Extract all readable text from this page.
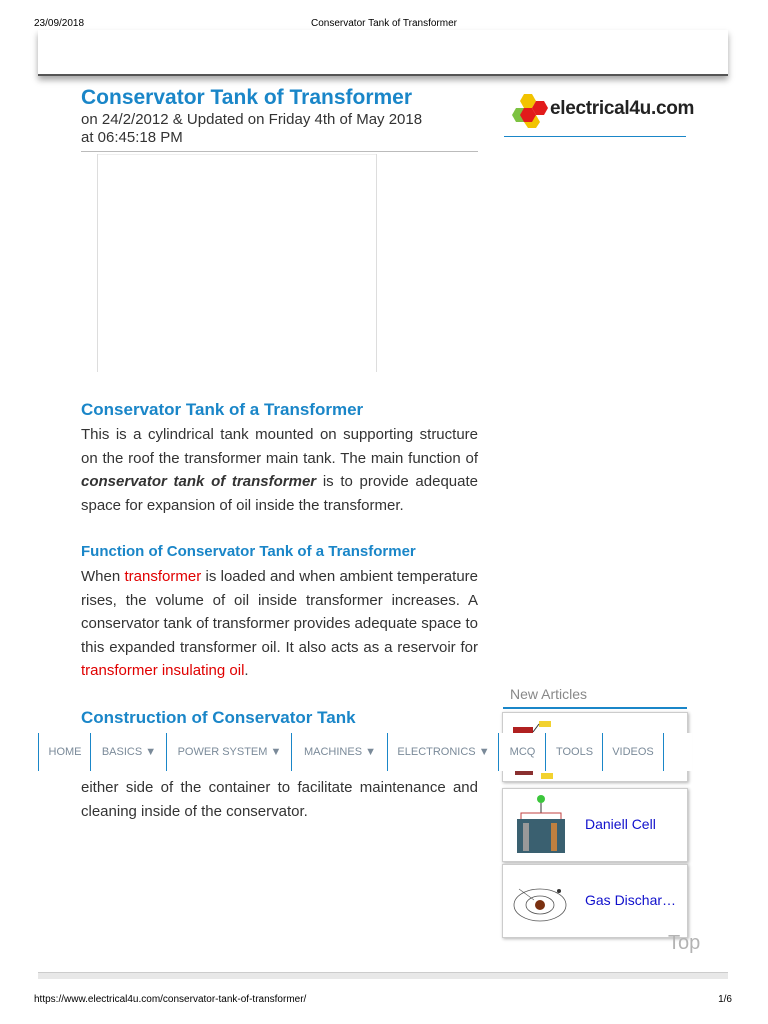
23/09/2018	Conservator Tank of Transformer
Conservator Tank of Transformer
on 24/2/2012 & Updated on Friday 4th of May 2018
at 06:45:18 PM
electrical4u.com
Conservator Tank of a Transformer

This is a cylindrical tank mounted on supporting structure on the roof the transformer main tank. The main function of conservator tank of transformer is to provide adequate space for expansion of oil inside the transformer.

Function of Conservator Tank of a Transformer

When transformer is loaded and when ambient temperature rises, the volume of oil inside transformer increases. A conservator tank of transformer provides adequate space to this expanded transformer oil. It also acts as a reservoir for transformer insulating oil.

Construction of Conservator Tank

either side of the container to facilitate maintenance and cleaning inside of the conservator.

New Articles
Daniell Cell
Gas Dischar…
Top
HOME	BASICS ▼	POWER SYSTEM ▼	MACHINES ▼	ELECTRONICS ▼	MCQ	TOOLS	VIDEOS
https://www.electrical4u.com/conservator-tank-of-transformer/	1/6
